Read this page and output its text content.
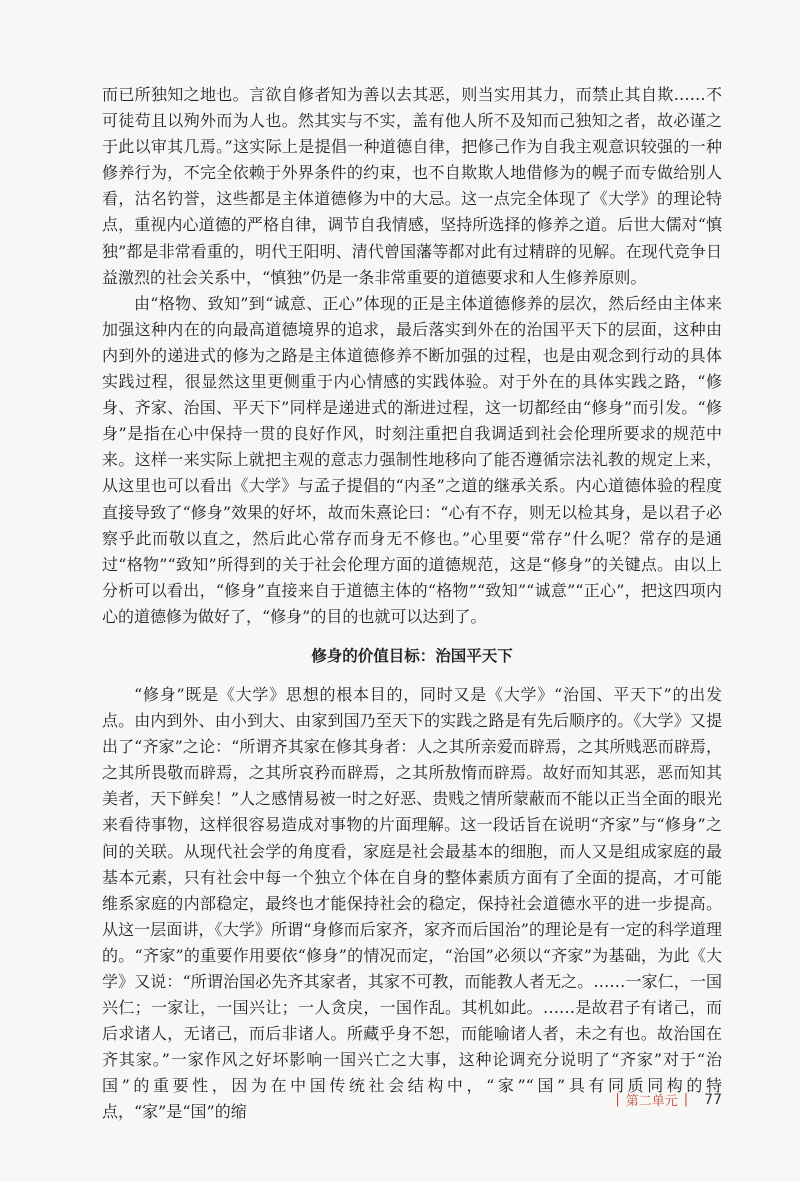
而已所独知之地也。言欲自修者知为善以去其恶，则当实用其力，而禁止其自欺……不可徒苟且以殉外而为人也。然其实与不实，盖有他人所不及知而己独知之者，故必谨之于此以审其几焉。”这实际上是提倡一种道德自律，把修己作为自我主观意识较强的一种修养行为，不完全依赖于外界条件的约束，也不自欺欺人地借修为的幌子而专做给别人看，沽名钓誉，这些都是主体道德修为中的大忌。这一点完全体现了《大学》的理论特点，重视内心道德的严格自律，调节自我情感，坚持所选择的修养之道。后世大儒对“慎独”都是非常看重的，明代王阳明、清代曾国藩等都对此有过精辟的见解。在现代竞争日益激烈的社会关系中，“慎独”仍是一条非常重要的道德要求和人生修养原则。

由“格物、致知”到“诚意、正心”体现的正是主体道德修养的层次，然后经由主体来加强这种内在的向最高道德境界的追求，最后落实到外在的治国平天下的层面，这种由内到外的递进式的修为之路是主体道德修养不断加强的过程，也是由观念到行动的具体实践过程，很显然这里更侧重于内心情感的实践体验。对于外在的具体实践之路，“修身、齐家、治国、平天下”同样是递进式的渐进过程，这一切都经由“修身”而引发。“修身”是指在心中保持一贯的良好作风，时刻注重把自我调适到社会伦理所要求的规范中来。这样一来实际上就把主观的意志力强制性地移向了能否遵循宗法礼教的规定上来，从这里也可以看出《大学》与孟子提倡的“内圣”之道的继承关系。内心道德体验的程度直接导致了“修身”效果的好坏，故而朱熹论曰：“心有不存，则无以检其身，是以君子必察乎此而敬以直之，然后此心常存而身无不修也。”心里要“常存”什么呢？常存的是通过“格物”“致知”所得到的关于社会伦理方面的道德规范，这是“修身”的关键点。由以上分析可以看出，“修身”直接来自于道德主体的“格物”“致知”“诚意”“正心”，把这四项内心的道德修为做好了，“修身”的目的也就可以达到了。

修身的价值目标：治国平天下

“修身”既是《大学》思想的根本目的，同时又是《大学》“治国、平天下”的出发点。由内到外、由小到大、由家到国乃至天下的实践之路是有先后顺序的。《大学》又提出了“齐家”之论：“所谓齐其家在修其身者：人之其所亲爱而辟焉，之其所贱恶而辟焉，之其所畏敬而辟焉，之其所哀矜而辟焉，之其所敖惰而辟焉。故好而知其恶，恶而知其美者，天下鲜矣！”人之感情易被一时之好恶、贵贱之情所蒙蔽而不能以正当全面的眼光来看待事物，这样很容易造成对事物的片面理解。这一段话旨在说明“齐家”与“修身”之间的关联。从现代社会学的角度看，家庭是社会最基本的细胞，而人又是组成家庭的最基本元素，只有社会中每一个独立个体在自身的整体素质方面有了全面的提高，才可能维系家庭的内部稳定，最终也才能保持社会的稳定，保持社会道德水平的进一步提高。从这一层面讲，《大学》所谓“身修而后家齐，家齐而后国治”的理论是有一定的科学道理的。“齐家”的重要作用要依“修身”的情况而定，“治国”必须以“齐家”为基础，为此《大学》又说：“所谓治国必先齐其家者，其家不可教，而能教人者无之。……一家仁，一国兴仁；一家让，一国兴让；一人贪戾，一国作乱。其机如此。……是故君子有诸己，而后求诸人，无诸己，而后非诸人。所藏乎身不恕，而能喻诸人者，未之有也。故治国在齐其家。”一家作风之好坏影响一国兴亡之大事，这种论调充分说明了“齐家”对于“治国”的重要性，因为在中国传统社会结构中，“家”“国”具有同质同构的特点，“家”是“国”的缩

| 第二单元 | 77
